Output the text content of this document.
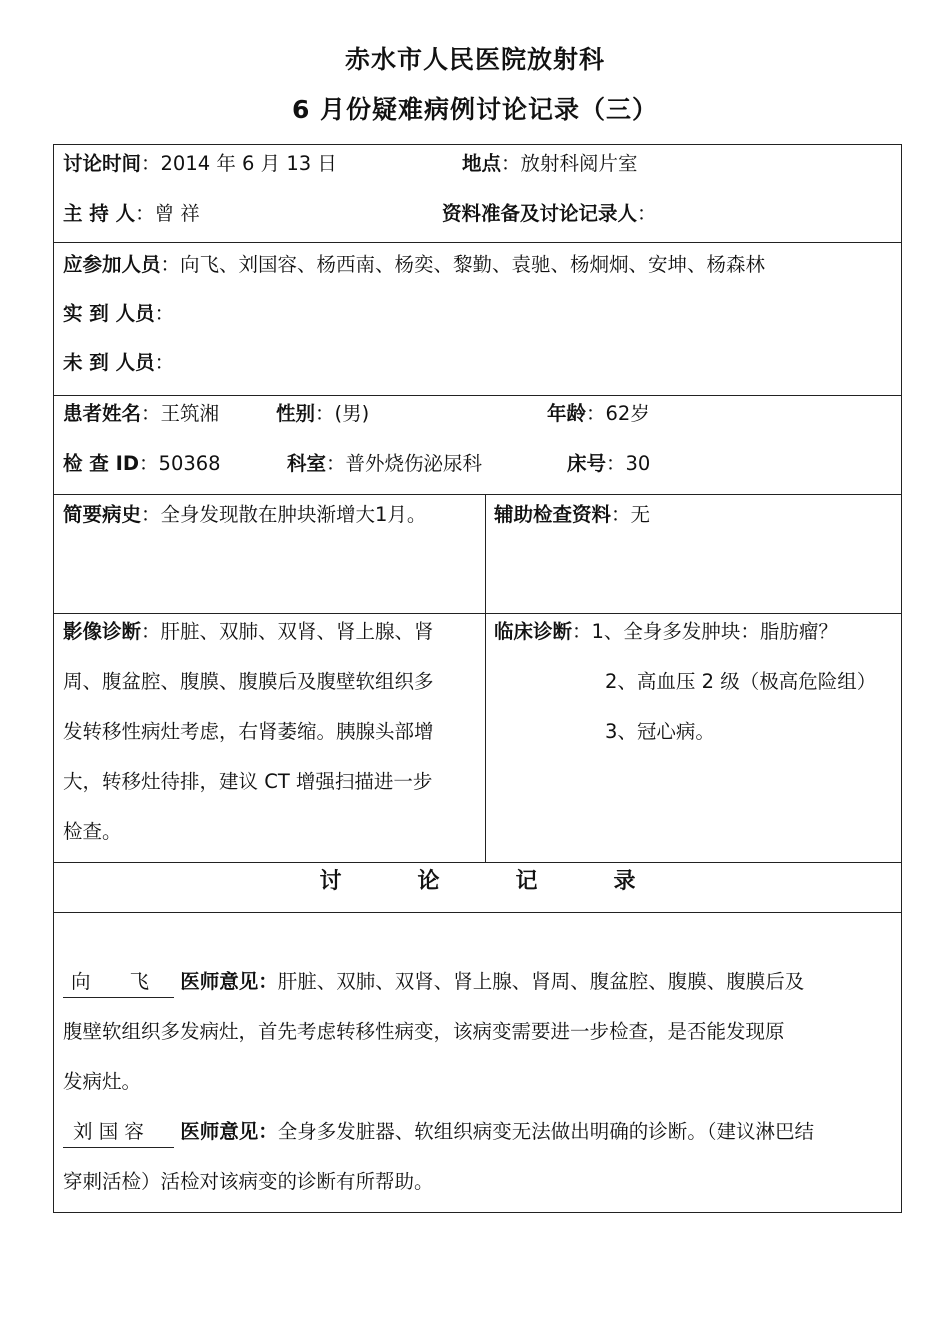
赤水市人民医院放射科
6 月份疑难病例讨论记录（三）
讨论时间：2014 年 6 月 13 日	地点：放射科阅片室
主 持 人：曾 祥	资料准备及讨论记录人：
应参加人员：向飞、刘国容、杨西南、杨奕、黎勤、袁驰、杨炯炯、安坤、杨森林
实 到 人员：
未 到 人员：
患者姓名：王筑湘	性别：(男)	年龄：62岁
检 查 ID：50368	科室：普外烧伤泌尿科	床号：30
简要病史：全身发现散在肿块渐增大1月。	辅助检查资料：无
影像诊断：肝脏、双肺、双肾、肾上腺、肾
周、腹盆腔、腹膜、腹膜后及腹壁软组织多
发转移性病灶考虑，右肾萎缩。胰腺头部增
大，转移灶待排，建议 CT 增强扫描进一步
检查。
临床诊断：1、全身多发肿块：脂肪瘤？
2、高血压 2 级（极高危险组）
3、冠心病。
讨	论	记	录
向　　飞 医师意见：肝脏、双肺、双肾、肾上腺、肾周、腹盆腔、腹膜、腹膜后及
腹壁软组织多发病灶，首先考虑转移性病变，该病变需要进一步检查，是否能发现原
发病灶。
刘 国 容 医师意见：全身多发脏器、软组织病变无法做出明确的诊断。（建议淋巴结
穿刺活检）活检对该病变的诊断有所帮助。
